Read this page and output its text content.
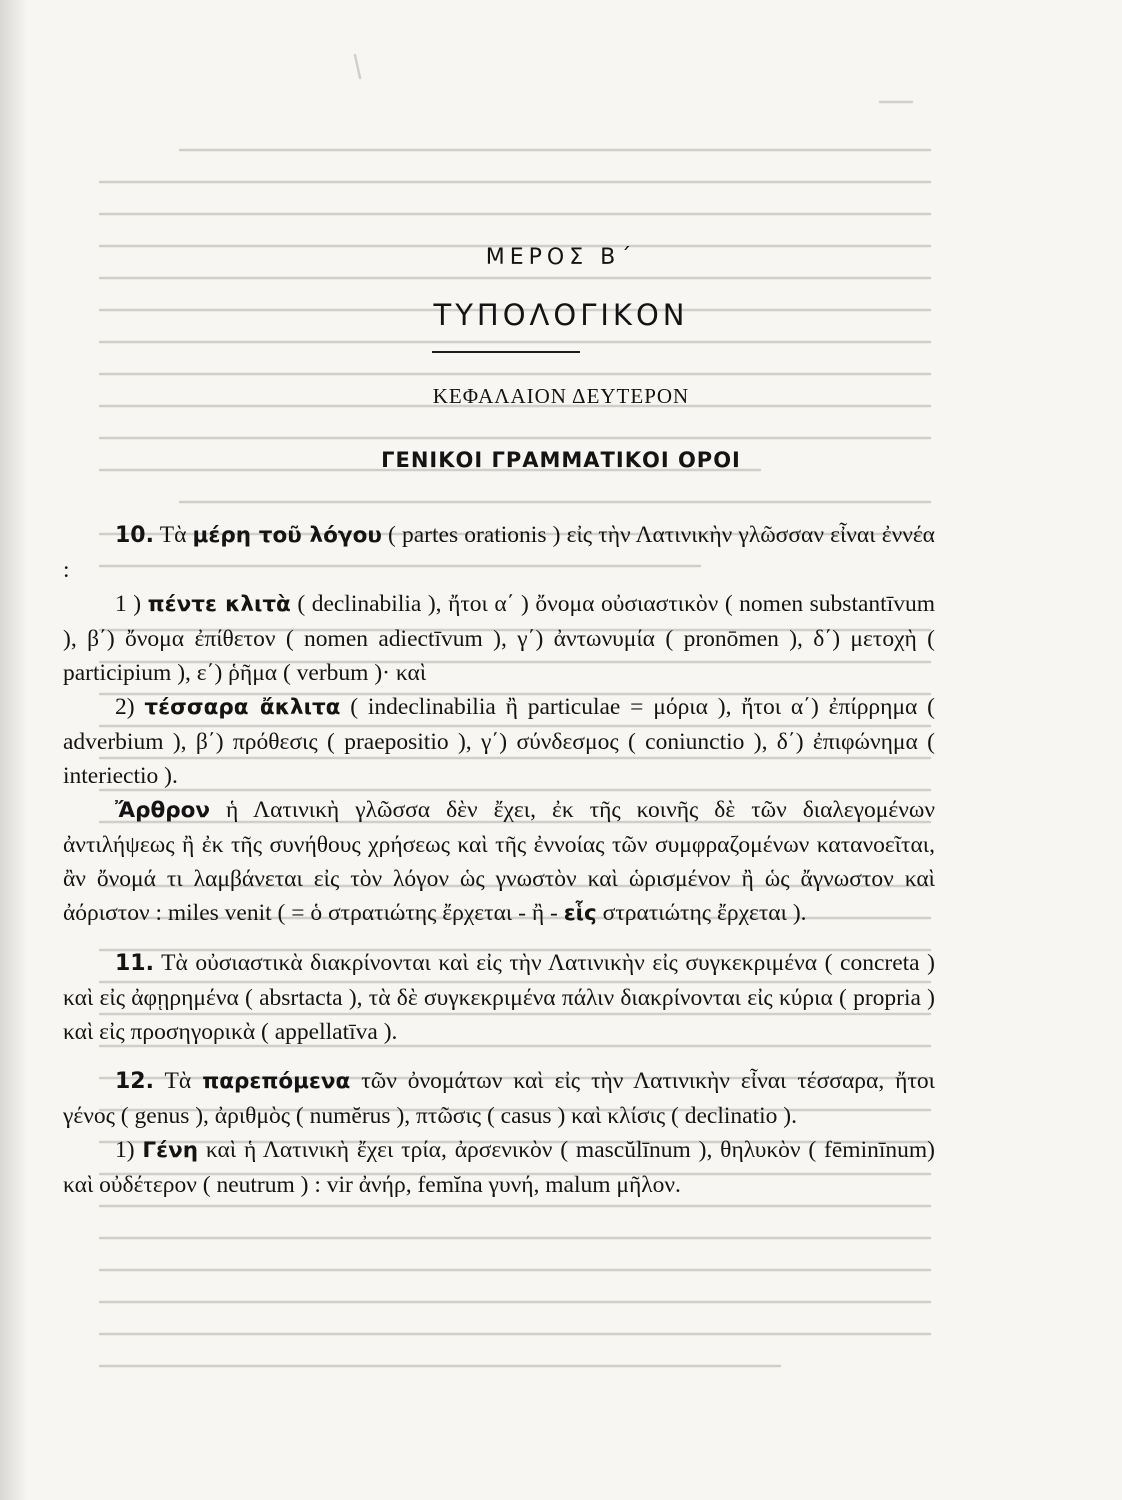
ΜΕΡΟΣ Β΄
ΤΥΠΟΛΟΓΙΚΟΝ
ΚΕΦΑΛΑΙΟΝ ΔΕΥΤΕΡΟΝ
ΓΕΝΙΚΟΙ ΓΡΑΜΜΑΤΙΚΟΙ ΟΡΟΙ

10. Τὰ μέρη τοῦ λόγου ( partes orationis ) εἰς τὴν Λατινικὴν γλῶσσαν εἶναι ἐννέα :

1 ) πέντε κλιτὰ ( declinabilia ), ἤτοι α΄ ) ὄνομα οὐσιαστικὸν ( nomen substantīvum ), β΄) ὄνομα ἐπίθετον ( nomen adiectīvum ), γ΄) ἀντωνυμία ( pronōmen ), δ΄) μετοχὴ ( participium ), ε΄) ῥῆμα ( verbum )· καὶ

2) τέσσαρα ἄκλιτα ( indeclinabilia ἢ particulae = μόρια ), ἤτοι α΄) ἐπίρρημα ( adverbium ), β΄) πρόθεσις ( praepositio ), γ΄) σύνδεσμος ( coniunctio ), δ΄) ἐπιφώνημα ( interiectio ).

Ἄρθρον ἡ Λατινικὴ γλῶσσα δὲν ἔχει, ἐκ τῆς κοινῆς δὲ τῶν διαλεγομένων ἀντιλήψεως ἢ ἐκ τῆς συνήθους χρήσεως καὶ τῆς ἐννοίας τῶν συμφραζομένων κατανοεῖται, ἂν ὄνομά τι λαμβάνεται εἰς τὸν λόγον ὡς γνωστὸν καὶ ὡρισμένον ἢ ὡς ἄγνωστον καὶ ἀόριστον : miles venit ( = ὁ στρατιώτης ἔρχεται - ἢ - εἷς στρατιώτης ἔρχεται ).

11. Τὰ οὐσιαστικὰ διακρίνονται καὶ εἰς τὴν Λατινικὴν εἰς συγκεκριμένα ( concreta ) καὶ εἰς ἀφῃρημένα ( absrtacta ), τὰ δὲ συγκεκριμένα πάλιν διακρίνονται εἰς κύρια ( propria ) καὶ εἰς προσηγορικὰ ( appellatīva ).

12. Τὰ παρεπόμενα τῶν ὀνομάτων καὶ εἰς τὴν Λατινικὴν εἶναι τέσσαρα, ἤτοι γένος ( genus ), ἀριθμὸς ( numĕrus ), πτῶσις ( casus ) καὶ κλίσις ( declinatio ).

1) Γένη καὶ ἡ Λατινικὴ ἔχει τρία, ἀρσενικὸν ( mascŭlīnum ), θηλυκὸν ( fēminīnum) καὶ οὐδέτερον ( neutrum ) : vir ἀνήρ, femĭna γυνή, malum μῆλον.
